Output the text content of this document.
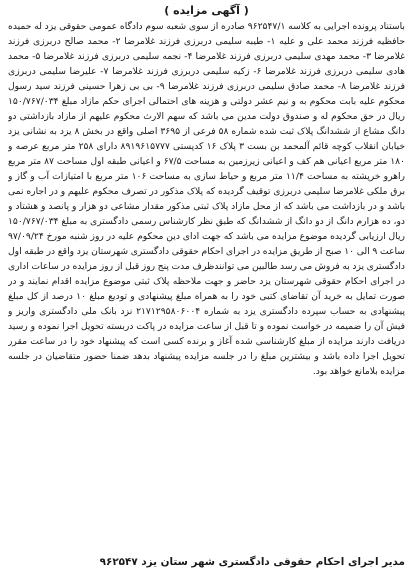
( آگهی مزایده )

باستناد پرونده اجرایی به کلاسه ۹۶۲۵۴۷/۱ صادره از سوی شعبه سوم دادگاه عمومی حقوقی یزد له حمیده حافظیه فرزند محمد علی و علیه ۱- طیبه سلیمی دربرزی فرزند غلامرضا ۲- محمد صالح دربرزی فرزند غلامرضا ۳- محمد مهدی سلیمی دربرزی فرزند غلامرضا ۴- نجمه سلیمی دربرزی فرزند غلامرضا ۵- محمد هادی سلیمی دربرزی فرزند غلامرضا ۶- زکیه سلیمی دربرزی فرزند غلامرضا ۷- علیرضا سلیمی دربرزی فرزند غلامرضا ۸- محمد صادق سلیمی دربرزی فرزند غلامرضا ۹- بی بی زهرا حسینی فرزند سید رسول محکوم علیه بابت محکوم به و نیم عشر دولتی و هزینه های احتمالی اجرای حکم مازاد مبلغ ۱۵۰/۷۶۷/۰۳۴ ریال در حق محکوم له و صندوق دولت مدین می باشد که سهم الارث محکوم علیهم از مازاد بازداشتی دو دانگ مشاع از ششدانگ پلاک ثبت شده شماره ۵۸ فرعی از ۳۶۹۵ اصلی واقع در بخش ۸ یزد به نشانی یزد خیابان انقلاب کوچه قائم آلمحمد بن بست ۳ پلاک ۱۶ کدپستی ۸۹۱۹۶۱۵۷۷۷ دارای ۲۵۸ متر مربع عرصه و ۱۸۰ متر مربع اعیانی هم کف و اعیانی زیرزمین به مساحت ۶۷/۵ و اعیانی طبقه اول مساحت ۸۷ متر مربع راهرو خرپشته به مساحت ۱۱/۴ متر مربع و حیاط سازی به مساحت ۱۰۶ متر مربع با امتیازات آب و گاز و برق ملکی غلامرضا سلیمی دربرزی توقیف گردیده که پلاک مذکور در تصرف محکوم علیهم و در اجاره نمی باشد و در بازداشت می باشد که از محل مازاد پلاک ثبتی مذکور مقدار مشاعی دو هزار و پانصد و هشتاد و دو، ده هزارم دانگ از دو دانگ از ششدانگ که طبق نظر کارشناس رسمی دادگستری به مبلغ ۱۵۰/۷۶۷/۰۳۴ ریال ارزیابی گردیده موضوع مزایده می باشد که جهت ادای دین محکوم علیه در روز شنبه مورخ ۹۷/۰۹/۲۴ ساعت ۹ الی ۱۰ صبح از طریق مزایده در اجرای احکام حقوقی دادگستری شهرستان یزد واقع در طبقه اول دادگستری یزد به فروش می رسد طالبین می توانندظرف مدت پنج روز قبل از روز مزایده در ساعات اداری در اجرای احکام حقوقی شهرستان یزد حاضر و جهت ملاحظه پلاک ثبتی موضوع مزایده اقدام نمایند و در صورت تمایل به خرید آن تقاضای کتبی خود را به همراه مبلغ پیشنهادی و تودیع مبلغ ۱۰ درصد از کل مبلغ پیشنهادی به حساب سپرده دادگستری یزد به شماره ۲۱۷۱۲۹۵۸۰۶۰۰۴ نزد بانک ملی دادگستری واریز و فیش آن را ضمیمه در خواست نموده و تا قبل از ساعت مزایده در پاکت دربسته تحویل اجرا نموده و رسید دریافت دارند مزایده از مبلغ کارشناسی شده آغاز و برنده کسی است که پیشنهاد خود را در ساعت مقرر تحویل اجرا داده باشد و بیشترین مبلغ را در جلسه مزایده پیشنهاد بدهد ضمنا حضور متقاضیان در جلسه مزایده بلامانع خواهد بود.

مدیر اجرای احکام حقوقی دادگستری شهر ستان یزد ۹۶۲۵۴۷
